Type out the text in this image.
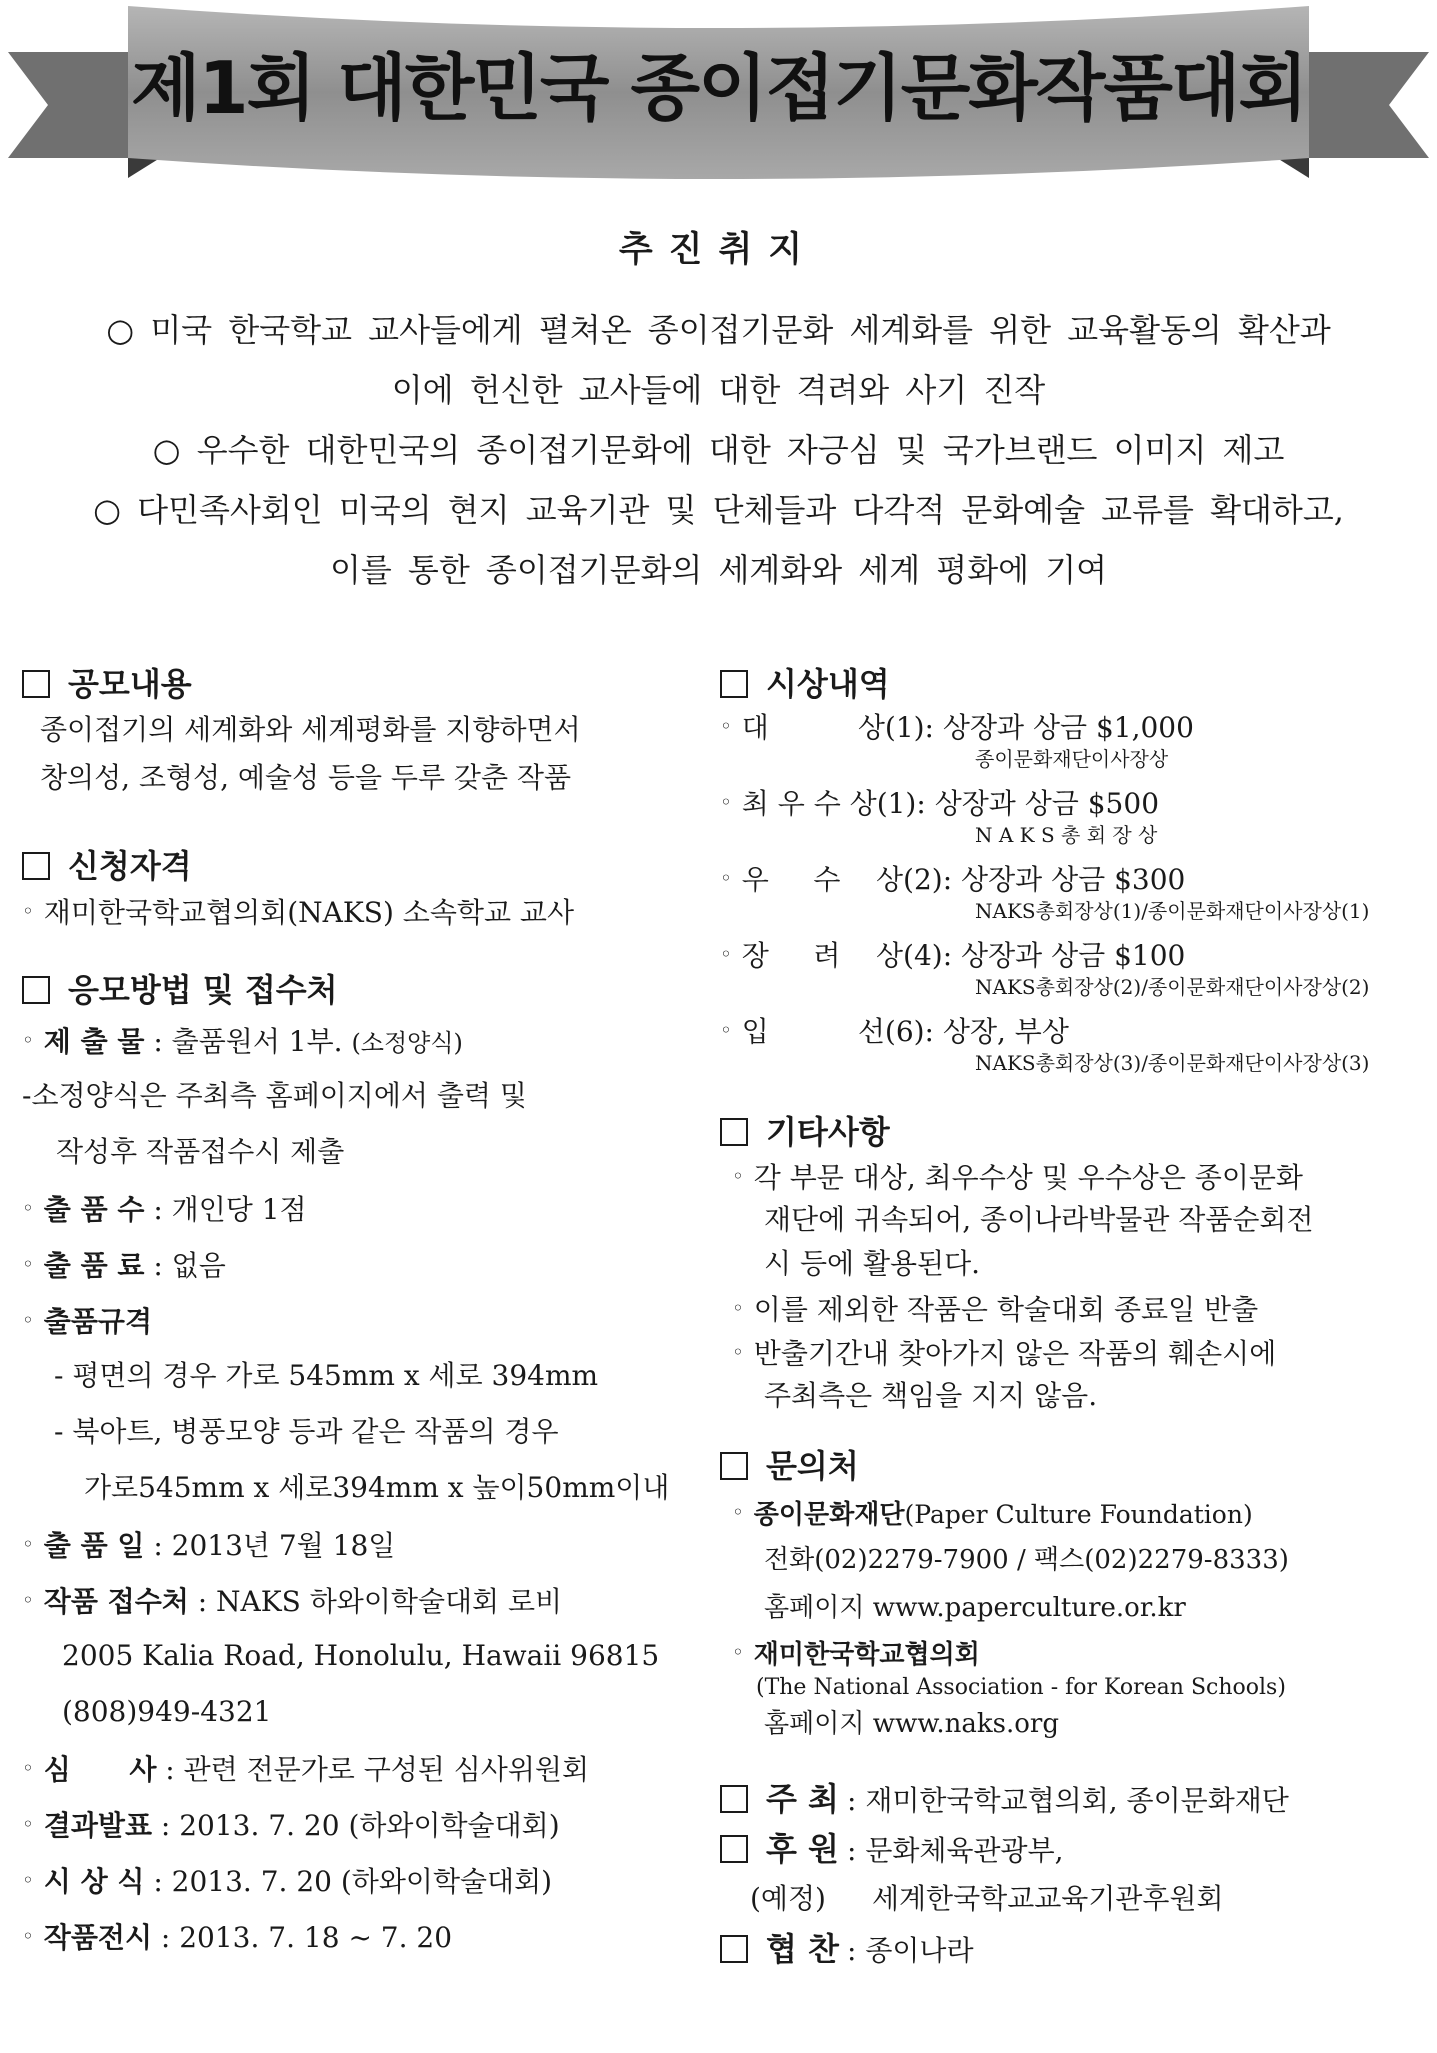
제1회 대한민국 종이접기문화작품대회
추진취지
○ 미국 한국학교 교사들에게 펼쳐온 종이접기문화 세계화를 위한 교육활동의 확산과
이에 헌신한 교사들에 대한 격려와 사기 진작
○ 우수한 대한민국의 종이접기문화에 대한 자긍심 및 국가브랜드 이미지 제고
○ 다민족사회인 미국의 현지 교육기관 및 단체들과 다각적 문화예술 교류를 확대하고,
이를 통한 종이접기문화의 세계화와 세계 평화에 기여
공모내용
종이접기의 세계화와 세계평화를 지향하면서
창의성, 조형성, 예술성 등을 두루 갖춘 작품
신청자격
◦ 재미한국학교협의회(NAKS) 소속학교 교사
응모방법 및 접수처
◦ 제 출 물 : 출품원서 1부. (소정양식)
-소정양식은 주최측 홈페이지에서 출력 및
작성후 작품접수시 제출
◦ 출 품 수 : 개인당 1점
◦ 출 품 료 : 없음
◦ 출품규격
- 평면의 경우 가로 545mm x 세로 394mm
- 북아트, 병풍모양 등과 같은 작품의 경우
가로545mm x 세로394mm x 높이50mm이내
◦ 출 품 일 : 2013년 7월 18일
◦ 작품 접수처 : NAKS 하와이학술대회 로비
2005 Kalia Road, Honolulu, Hawaii 96815
(808)949-4321
◦ 심      사 : 관련 전문가로 구성된 심사위원회
◦ 결과발표 : 2013. 7. 20 (하와이학술대회)
◦ 시 상 식 : 2013. 7. 20 (하와이학술대회)
◦ 작품전시 : 2013. 7. 18 ~ 7. 20
시상내역
◦ 대          상(1): 상장과 상금 $1,000
종이문화재단이사장상
◦ 최 우 수 상(1): 상장과 상금 $500
N A K S 총 회 장 상
◦ 우     수    상(2): 상장과 상금 $300
NAKS총회장상(1)/종이문화재단이사장상(1)
◦ 장     려    상(4): 상장과 상금 $100
NAKS총회장상(2)/종이문화재단이사장상(2)
◦ 입          선(6): 상장, 부상
NAKS총회장상(3)/종이문화재단이사장상(3)
기타사항
◦ 각 부문 대상, 최우수상 및 우수상은 종이문화
재단에 귀속되어, 종이나라박물관 작품순회전
시 등에 활용된다.
◦ 이를 제외한 작품은 학술대회 종료일 반출
◦ 반출기간내 찾아가지 않은 작품의 훼손시에
주최측은 책임을 지지 않음.
문의처
◦ 종이문화재단(Paper Culture Foundation)
전화(02)2279-7900 / 팩스(02)2279-8333)
홈페이지 www.paperculture.or.kr
◦ 재미한국학교협의회
(The National Association - for Korean Schools)
홈페이지 www.naks.org
주 최 : 재미한국학교협의회, 종이문화재단
후 원 : 문화체육관광부,
(예정) 세계한국학교교육기관후원회
협 찬 : 종이나라
